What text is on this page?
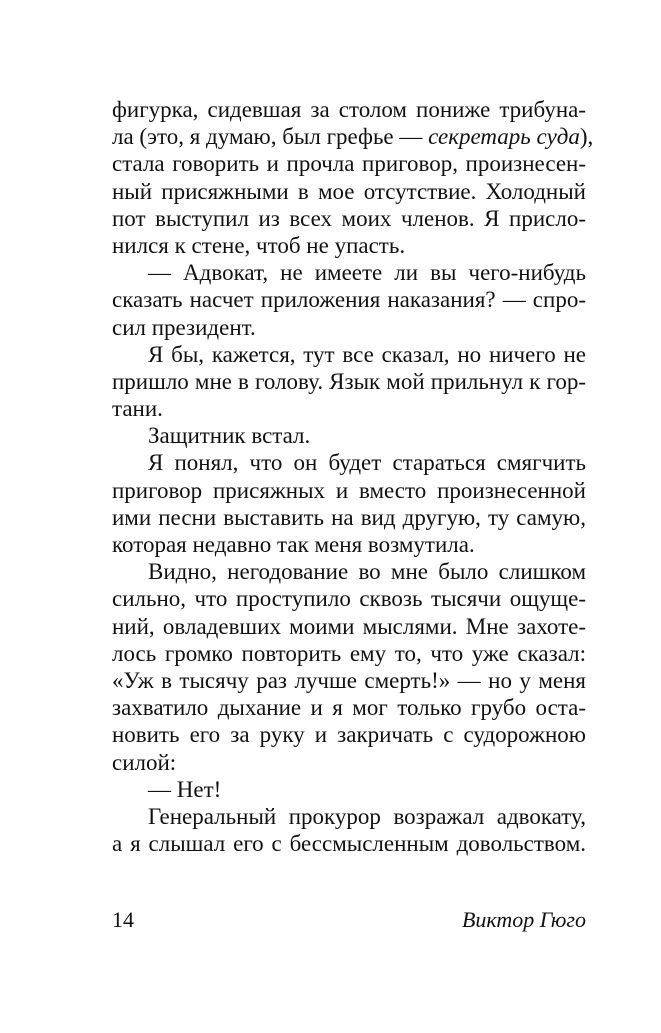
фигурка, сидевшая за столом пониже трибуна-
ла (это, я думаю, был грефье — секретарь суда),
стала говорить и прочла приговор, произнесен-
ный присяжными в мое отсутствие. Холодный
пот выступил из всех моих членов. Я присло-
нился к стене, чтоб не упасть.
— Адвокат, не имеете ли вы чего-нибудь
сказать насчет приложения наказания? — спро-
сил президент.
Я бы, кажется, тут все сказал, но ничего не
пришло мне в голову. Язык мой прильнул к гор-
тани.
Защитник встал.
Я понял, что он будет стараться смягчить
приговор присяжных и вместо произнесенной
ими песни выставить на вид другую, ту самую,
которая недавно так меня возмутила.
Видно, негодование во мне было слишком
сильно, что проступило сквозь тысячи ощуще-
ний, овладевших моими мыслями. Мне захоте-
лось громко повторить ему то, что уже сказал:
«Уж в тысячу раз лучше смерть!» — но у меня
захватило дыхание и я мог только грубо оста-
новить его за руку и закричать с судорожною
силой:
— Нет!
Генеральный прокурор возражал адвокату,
а я слышал его с бессмысленным довольством.
14	Виктор Гюго
